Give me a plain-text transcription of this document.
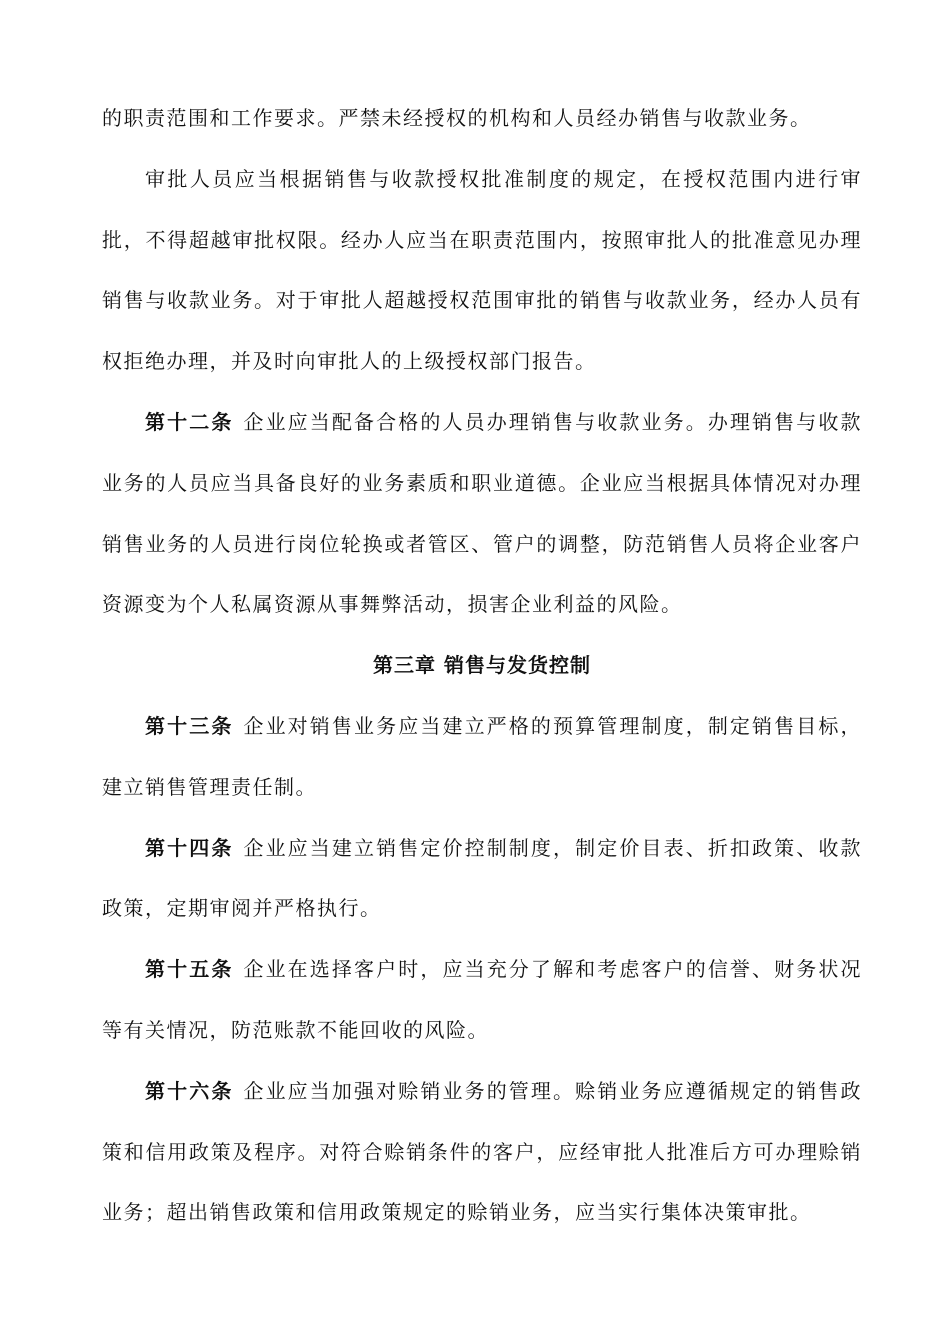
的职责范围和工作要求。严禁未经授权的机构和人员经办销售与收款业务。

审批人员应当根据销售与收款授权批准制度的规定，在授权范围内进行审批，不得超越审批权限。经办人应当在职责范围内，按照审批人的批准意见办理销售与收款业务。对于审批人超越授权范围审批的销售与收款业务，经办人员有权拒绝办理，并及时向审批人的上级授权部门报告。

第十二条 企业应当配备合格的人员办理销售与收款业务。办理销售与收款业务的人员应当具备良好的业务素质和职业道德。企业应当根据具体情况对办理销售业务的人员进行岗位轮换或者管区、管户的调整，防范销售人员将企业客户资源变为个人私属资源从事舞弊活动，损害企业利益的风险。

第三章 销售与发货控制

第十三条 企业对销售业务应当建立严格的预算管理制度，制定销售目标，建立销售管理责任制。

第十四条 企业应当建立销售定价控制制度，制定价目表、折扣政策、收款政策，定期审阅并严格执行。

第十五条 企业在选择客户时，应当充分了解和考虑客户的信誉、财务状况等有关情况，防范账款不能回收的风险。

第十六条 企业应当加强对赊销业务的管理。赊销业务应遵循规定的销售政策和信用政策及程序。对符合赊销条件的客户，应经审批人批准后方可办理赊销业务；超出销售政策和信用政策规定的赊销业务，应当实行集体决策审批。
